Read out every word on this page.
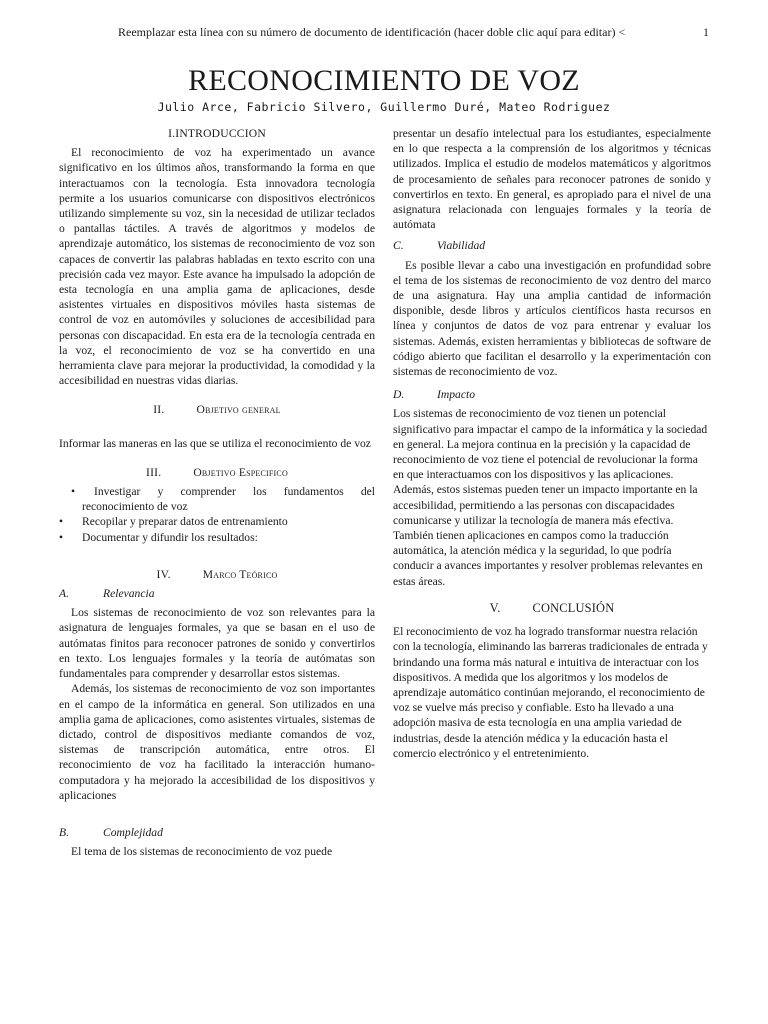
Reemplazar esta línea con su número de documento de identificación (hacer doble clic aquí para editar) <	1
RECONOCIMIENTO DE VOZ
Julio Arce, Fabricio Silvero, Guillermo Duré, Mateo Rodriguez
I.INTRODUCCION

El reconocimiento de voz ha experimentado un avance significativo en los últimos años, transformando la forma en que interactuamos con la tecnología. Esta innovadora tecnología permite a los usuarios comunicarse con dispositivos electrónicos utilizando simplemente su voz, sin la necesidad de utilizar teclados o pantallas táctiles. A través de algoritmos y modelos de aprendizaje automático, los sistemas de reconocimiento de voz son capaces de convertir las palabras habladas en texto escrito con una precisión cada vez mayor. Este avance ha impulsado la adopción de esta tecnología en una amplia gama de aplicaciones, desde asistentes virtuales en dispositivos móviles hasta sistemas de control de voz en automóviles y soluciones de accesibilidad para personas con discapacidad. En esta era de la tecnología centrada en la voz, el reconocimiento de voz se ha convertido en una herramienta clave para mejorar la productividad, la comodidad y la accesibilidad en nuestras vidas diarias.

II.	Objetivo general

Informar las maneras en las que se utiliza el reconocimiento de voz

III.	Objetivo Especifico
• Investigar y comprender los fundamentos del reconocimiento de voz
• Recopilar y preparar datos de entrenamiento
• Documentar y difundir los resultados:
IV.	Marco Teórico
A.	Relevancia

Los sistemas de reconocimiento de voz son relevantes para la asignatura de lenguajes formales, ya que se basan en el uso de autómatas finitos para reconocer patrones de sonido y convertirlos en texto. Los lenguajes formales y la teoría de autómatas son fundamentales para comprender y desarrollar estos sistemas.

Además, los sistemas de reconocimiento de voz son importantes en el campo de la informática en general. Son utilizados en una amplia gama de aplicaciones, como asistentes virtuales, sistemas de dictado, control de dispositivos mediante comandos de voz, sistemas de transcripción automática, entre otros. El reconocimiento de voz ha facilitado la interacción humano-computadora y ha mejorado la accesibilidad de los dispositivos y aplicaciones

B.	Complejidad

El tema de los sistemas de reconocimiento de voz puede

presentar un desafío intelectual para los estudiantes, especialmente en lo que respecta a la comprensión de los algoritmos y técnicas utilizados. Implica el estudio de modelos matemáticos y algoritmos de procesamiento de señales para reconocer patrones de sonido y convertirlos en texto. En general, es apropiado para el nivel de una asignatura relacionada con lenguajes formales y la teoría de autómata

C.	Viabilidad

Es posible llevar a cabo una investigación en profundidad sobre el tema de los sistemas de reconocimiento de voz dentro del marco de una asignatura. Hay una amplia cantidad de información disponible, desde libros y artículos científicos hasta recursos en línea y conjuntos de datos de voz para entrenar y evaluar los sistemas. Además, existen herramientas y bibliotecas de software de código abierto que facilitan el desarrollo y la experimentación con sistemas de reconocimiento de voz.

D.	Impacto

Los sistemas de reconocimiento de voz tienen un potencial significativo para impactar el campo de la informática y la sociedad en general. La mejora continua en la precisión y la capacidad de reconocimiento de voz tiene el potencial de revolucionar la forma en que interactuamos con los dispositivos y las aplicaciones. Además, estos sistemas pueden tener un impacto importante en la accesibilidad, permitiendo a las personas con discapacidades comunicarse y utilizar la tecnología de manera más efectiva. También tienen aplicaciones en campos como la traducción automática, la atención médica y la seguridad, lo que podría conducir a avances importantes y resolver problemas relevantes en estas áreas.

V.	CONCLUSIÓN

El reconocimiento de voz ha logrado transformar nuestra relación con la tecnología, eliminando las barreras tradicionales de entrada y brindando una forma más natural e intuitiva de interactuar con los dispositivos. A medida que los algoritmos y los modelos de aprendizaje automático continúan mejorando, el reconocimiento de voz se vuelve más preciso y confiable. Esto ha llevado a una adopción masiva de esta tecnología en una amplia variedad de industrias, desde la atención médica y la educación hasta el comercio electrónico y el entretenimiento.
